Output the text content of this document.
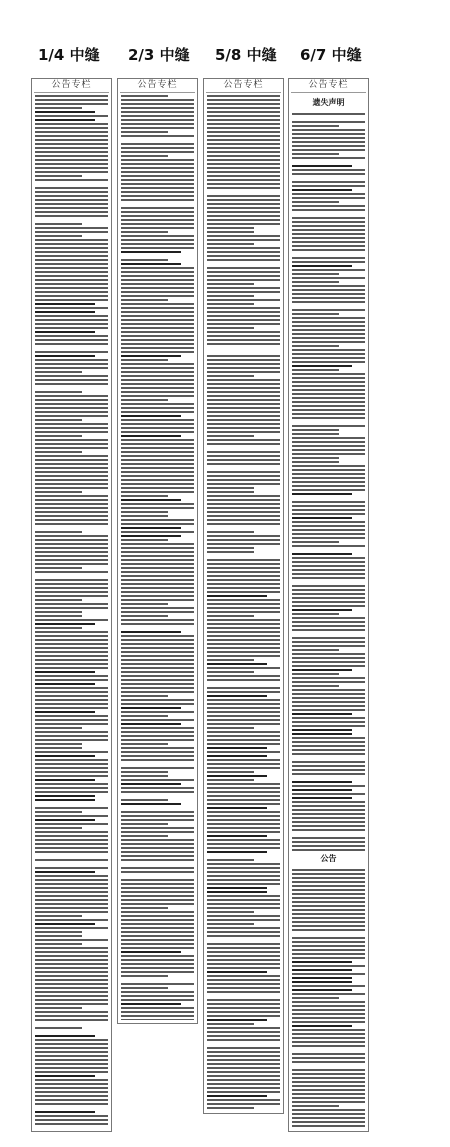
1/4 中缝 2/3 中缝 5/8 中缝 6/7 中缝
公告专栏	公告专栏	公告专栏	公告专栏
遗失声明
公告
